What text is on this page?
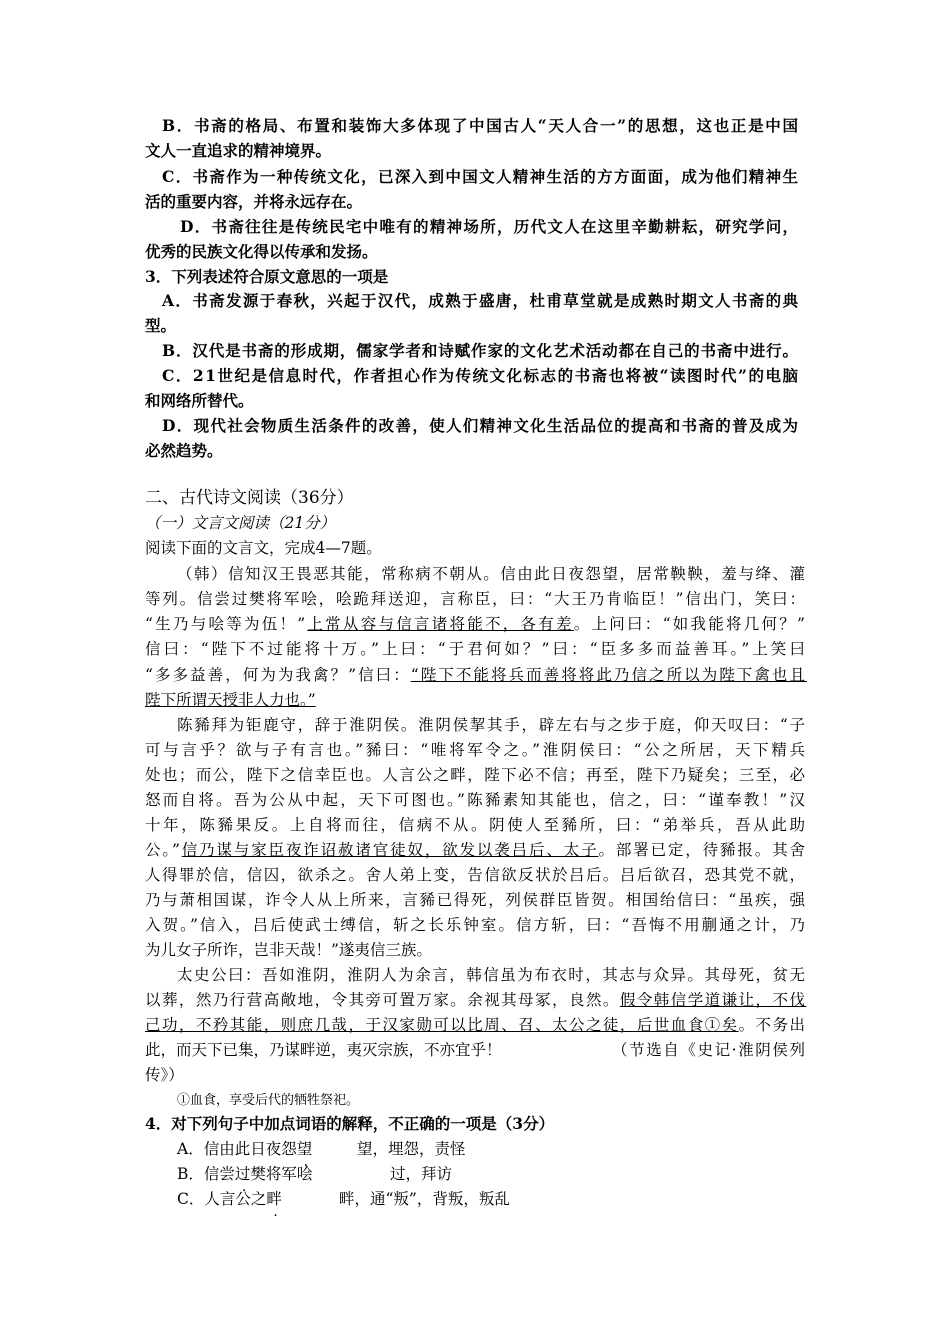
B．书斋的格局、布置和装饰大多体现了中国古人“天人合一”的思想，这也正是中国
文人一直追求的精神境界。
C．书斋作为一种传统文化，已深入到中国文人精神生活的方方面面，成为他们精神生
活的重要内容，并将永远存在。
D．书斋往往是传统民宅中唯有的精神场所，历代文人在这里辛勤耕耘，研究学问，
优秀的民族文化得以传承和发扬。
3．下列表述符合原文意思的一项是
A．书斋发源于春秋，兴起于汉代，成熟于盛唐，杜甫草堂就是成熟时期文人书斋的典
型。
B．汉代是书斋的形成期，儒家学者和诗赋作家的文化艺术活动都在自己的书斋中进行。
C．21世纪是信息时代，作者担心作为传统文化标志的书斋也将被“读图时代”的电脑
和网络所替代。
D．现代社会物质生活条件的改善，使人们精神文化生活品位的提高和书斋的普及成为
必然趋势。
二、古代诗文阅读（36分）
（一）文言文阅读（21分）
阅读下面的文言文，完成4—7题。
（韩）信知汉王畏恶其能，常称病不朝从。信由此日夜怨望，居常鞅鞅，羞与绛、灌
等列。信尝过樊将军哙，哙跪拜送迎，言称臣，曰：“大王乃肯临臣！”信出门，笑曰：
“生乃与哙等为伍！”上常从容与信言诸将能不，各有差。上问曰：“如我能将几何？”
信曰：“陛下不过能将十万。”上曰：“于君何如？”曰：“臣多多而益善耳。”上笑曰
“多多益善，何为为我禽？”信曰：“陛下不能将兵而善将将此乃信之所以为陛下禽也且
陛下所谓天授非人力也。”
陈豨拜为钜鹿守，辞于淮阴侯。淮阴侯挈其手，辟左右与之步于庭，仰天叹曰：“子
可与言乎？欲与子有言也。”豨曰：“唯将军令之。”淮阴侯曰：“公之所居，天下精兵
处也；而公，陛下之信幸臣也。人言公之畔，陛下必不信；再至，陛下乃疑矣；三至，必
怒而自将。吾为公从中起，天下可图也。”陈豨素知其能也，信之，曰：“谨奉教！”汉
十年，陈豨果反。上自将而往，信病不从。阴使人至豨所，曰：“弟举兵，吾从此助
公。”信乃谋与家臣夜诈诏赦诸官徒奴，欲发以袭吕后、太子。部署已定，待豨报。其舍
人得罪於信，信囚，欲杀之。舍人弟上变，告信欲反状於吕后。吕后欲召，恐其党不就，
乃与萧相国谋，诈令人从上所来，言豨已得死，列侯群臣皆贺。相国绐信曰：“虽疾，强
入贺。”信入，吕后使武士缚信，斩之长乐钟室。信方斩，曰：“吾悔不用蒯通之计，乃
为儿女子所诈，岂非天哉！”遂夷信三族。
太史公曰：吾如淮阴，淮阴人为余言，韩信虽为布衣时，其志与众异。其母死，贫无
以葬，然乃行营高敞地，令其旁可置万家。余视其母冢，良然。假令韩信学道谦让，不伐
己功，不矜其能，则庶几哉，于汉家勋可以比周、召、太公之徒，后世血食①矣。不务出
此，而天下已集，乃谋畔逆，夷灭宗族，不亦宜乎！	（节选自《史记·淮阴侯列
传》）
①血食，享受后代的牺牲祭祀。
4．对下列句子中加点词语的解释，不正确的一项是（3分）
A．信由此日夜怨望	望，埋怨，责怪
B．信尝过樊将军哙	过，拜访
C．人言公之畔	畔，通“叛”，背叛，叛乱
